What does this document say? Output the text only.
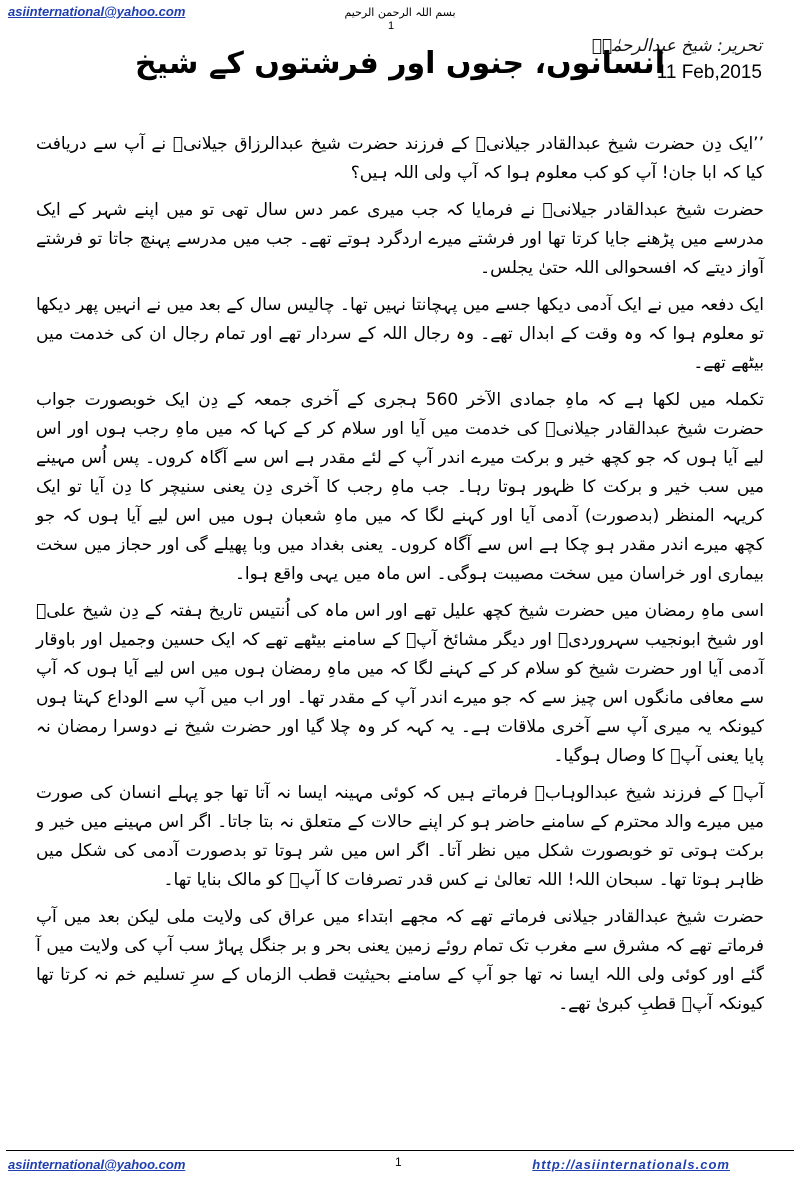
asiinternational@yahoo.com	بسم اللہ الرحمن الرحیم
1
تحریر: شیخ عبدالرحمٰنؒ
11 Feb,2015
انسانوں، جنوں اور فرشتوں کے شیخ

’’ایک دِن حضرت شیخ عبدالقادر جیلانیؒ کے فرزند حضرت شیخ عبدالرزاق جیلانیؒ نے آپ سے دریافت کیا کہ ابا جان! آپ کو کب معلوم ہوا کہ آپ ولی اللہ ہیں؟

حضرت شیخ عبدالقادر جیلانیؒ نے فرمایا کہ جب میری عمر دس سال تھی تو میں اپنے شہر کے ایک مدرسے میں پڑھنے جایا کرتا تھا اور فرشتے میرے اردگرد ہوتے تھے۔ جب میں مدرسے پہنچ جاتا تو فرشتے آواز دیتے کہ افسحوالی اللہ حتیٰ یجلس۔

ایک دفعہ میں نے ایک آدمی دیکھا جسے میں پہچانتا نہیں تھا۔ چالیس سال کے بعد میں نے انہیں پھر دیکھا تو معلوم ہوا کہ وہ وقت کے ابدال تھے۔ وہ رجال اللہ کے سردار تھے اور تمام رجال ان کی خدمت میں بیٹھے تھے۔

تکملہ میں لکھا ہے کہ ماہِ جمادی الآخر 560 ہجری کے آخری جمعہ کے دِن ایک خوبصورت جواب حضرت شیخ عبدالقادر جیلانیؒ کی خدمت میں آیا اور سلام کر کے کہا کہ میں ماہِ رجب ہوں اور اس لیے آیا ہوں کہ جو کچھ خیر و برکت میرے اندر آپ کے لئے مقدر ہے اس سے آگاہ کروں۔ پس اُس مہینے میں سب خیر و برکت کا ظہور ہوتا رہا۔ جب ماہِ رجب کا آخری دِن یعنی سنیچر کا دِن آیا تو ایک کریہہ المنظر (بدصورت) آدمی آیا اور کہنے لگا کہ میں ماہِ شعبان ہوں میں اس لیے آیا ہوں کہ جو کچھ میرے اندر مقدر ہو چکا ہے اس سے آگاہ کروں۔ یعنی بغداد میں وبا پھیلے گی اور حجاز میں سخت بیماری اور خراسان میں سخت مصیبت ہوگی۔ اس ماہ میں یہی واقع ہوا۔

اسی ماہِ رمضان میں حضرت شیخ کچھ علیل تھے اور اس ماہ کی اُنتیس تاریخ ہفتہ کے دِن شیخ علیؒ اور شیخ ابونجیب سہروردیؒ اور دیگر مشائخ آپؒ کے سامنے بیٹھے تھے کہ ایک حسین وجمیل اور باوقار آدمی آیا اور حضرت شیخ کو سلام کر کے کہنے لگا کہ میں ماہِ رمضان ہوں میں اس لیے آیا ہوں کہ آپ سے معافی مانگوں اس چیز سے کہ جو میرے اندر آپ کے مقدر تھا۔ اور اب میں آپ سے الوداع کہتا ہوں کیونکہ یہ میری آپ سے آخری ملاقات ہے۔ یہ کہہ کر وہ چلا گیا اور حضرت شیخ نے دوسرا رمضان نہ پایا یعنی آپؒ کا وصال ہوگیا۔

آپؒ کے فرزند شیخ عبدالوہابؒ فرماتے ہیں کہ کوئی مہینہ ایسا نہ آتا تھا جو پہلے انسان کی صورت میں میرے والد محترم کے سامنے حاضر ہو کر اپنے حالات کے متعلق نہ بتا جاتا۔ اگر اس مہینے میں خیر و برکت ہوتی تو خوبصورت شکل میں نظر آتا۔ اگر اس میں شر ہوتا تو بدصورت آدمی کی شکل میں ظاہر ہوتا تھا۔ سبحان اللہ! اللہ تعالیٰ نے کس قدر تصرفات کا آپؒ کو مالک بنایا تھا۔

حضرت شیخ عبدالقادر جیلانی فرماتے تھے کہ مجھے ابتداء میں عراق کی ولایت ملی لیکن بعد میں آپ فرماتے تھے کہ مشرق سے مغرب تک تمام روئے زمین یعنی بحر و بر جنگل پہاڑ سب آپ کی ولایت میں آ گئے اور کوئی ولی اللہ ایسا نہ تھا جو آپ کے سامنے بحیثیت قطب الزماں کے سرِ تسلیم خم نہ کرتا تھا کیونکہ آپؒ قطبِ کبریٰ تھے۔

asiinternational@yahoo.com	1	http://asiinternationals.com
